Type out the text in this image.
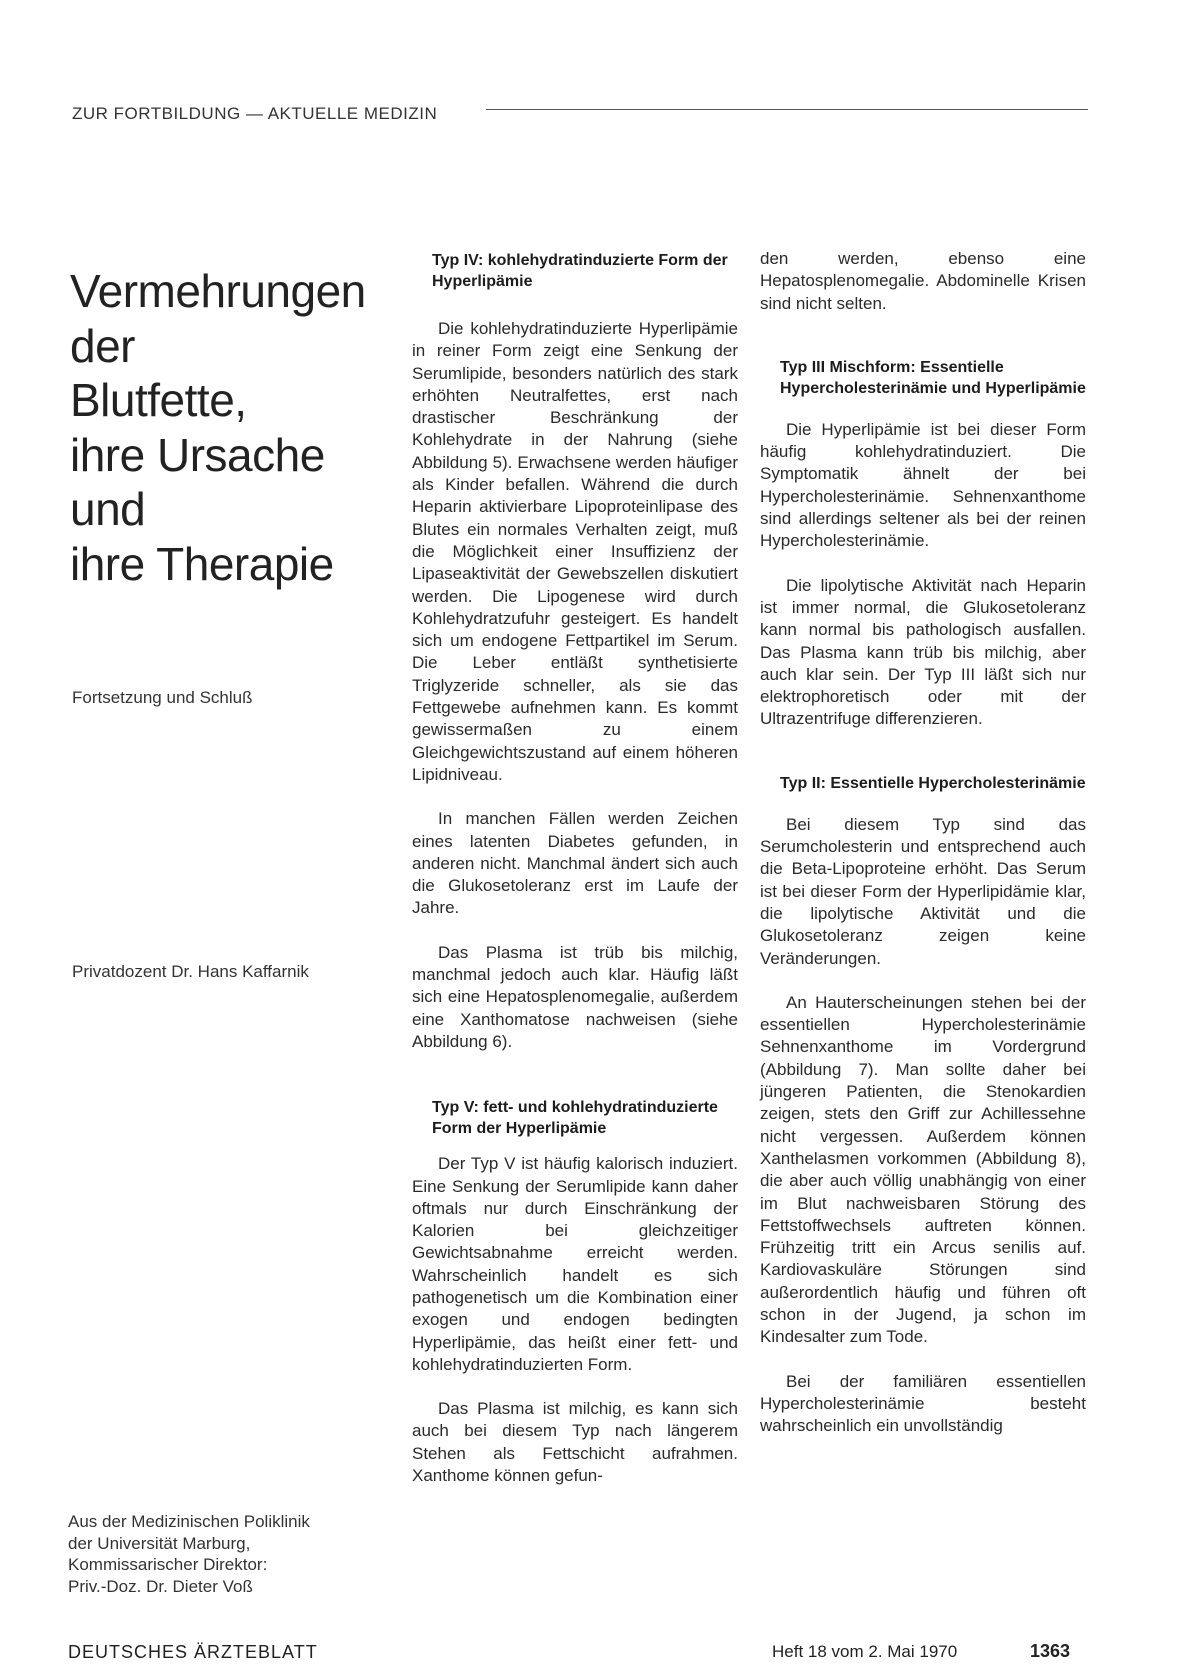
ZUR FORTBILDUNG — AKTUELLE MEDIZIN
Vermehrungen
der
Blutfette,
ihre Ursache
und
ihre Therapie
Fortsetzung und Schluß
Privatdozent Dr. Hans Kaffarnik
Aus der Medizinischen Poliklinik
der Universität Marburg,
Kommissarischer Direktor:
Priv.-Doz. Dr. Dieter Voß
Typ IV: kohlehydratinduzierte Form der Hyperlipämie

Die kohlehydratinduzierte Hyperlipämie in reiner Form zeigt eine Senkung der Serumlipide, besonders natürlich des stark erhöhten Neutralfettes, erst nach drastischer Beschränkung der Kohlehydrate in der Nahrung (siehe Abbildung 5). Erwachsene werden häufiger als Kinder befallen. Während die durch Heparin aktivierbare Lipoproteinlipase des Blutes ein normales Verhalten zeigt, muß die Möglichkeit einer Insuffizienz der Lipaseaktivität der Gewebszellen diskutiert werden. Die Lipogenese wird durch Kohlehydratzufuhr gesteigert. Es handelt sich um endogene Fettpartikel im Serum. Die Leber entläßt synthetisierte Triglyzeride schneller, als sie das Fettgewebe aufnehmen kann. Es kommt gewissermaßen zu einem Gleichgewichtszustand auf einem höheren Lipidniveau.

In manchen Fällen werden Zeichen eines latenten Diabetes gefunden, in anderen nicht. Manchmal ändert sich auch die Glukosetoleranz erst im Laufe der Jahre.

Das Plasma ist trüb bis milchig, manchmal jedoch auch klar. Häufig läßt sich eine Hepatosplenomegalie, außerdem eine Xanthomatose nachweisen (siehe Abbildung 6).

Typ V: fett- und kohlehydratinduzierte Form der Hyperlipämie

Der Typ V ist häufig kalorisch induziert. Eine Senkung der Serumlipide kann daher oftmals nur durch Einschränkung der Kalorien bei gleichzeitiger Gewichtsabnahme erreicht werden. Wahrscheinlich handelt es sich pathogenetisch um die Kombination einer exogen und endogen bedingten Hyperlipämie, das heißt einer fett- und kohlehydratinduzierten Form.

Das Plasma ist milchig, es kann sich auch bei diesem Typ nach längerem Stehen als Fettschicht aufrahmen. Xanthome können gefun-

den werden, ebenso eine Hepatosplenomegalie. Abdominelle Krisen sind nicht selten.

Typ III Mischform: Essentielle Hypercholesterinämie und Hyperlipämie

Die Hyperlipämie ist bei dieser Form häufig kohlehydratinduziert. Die Symptomatik ähnelt der bei Hypercholesterinämie. Sehnenxanthome sind allerdings seltener als bei der reinen Hypercholesterinämie.

Die lipolytische Aktivität nach Heparin ist immer normal, die Glukosetoleranz kann normal bis pathologisch ausfallen. Das Plasma kann trüb bis milchig, aber auch klar sein. Der Typ III läßt sich nur elektrophoretisch oder mit der Ultrazentrifuge differenzieren.

Typ II: Essentielle Hypercholesterinämie

Bei diesem Typ sind das Serumcholesterin und entsprechend auch die Beta-Lipoproteine erhöht. Das Serum ist bei dieser Form der Hyperlipidämie klar, die lipolytische Aktivität und die Glukosetoleranz zeigen keine Veränderungen.

An Hauterscheinungen stehen bei der essentiellen Hypercholesterinämie Sehnenxanthome im Vordergrund (Abbildung 7). Man sollte daher bei jüngeren Patienten, die Stenokardien zeigen, stets den Griff zur Achillessehne nicht vergessen. Außerdem können Xanthelasmen vorkommen (Abbildung 8), die aber auch völlig unabhängig von einer im Blut nachweisbaren Störung des Fettstoffwechsels auftreten können. Frühzeitig tritt ein Arcus senilis auf. Kardiovaskuläre Störungen sind außerordentlich häufig und führen oft schon in der Jugend, ja schon im Kindesalter zum Tode.

Bei der familiären essentiellen Hypercholesterinämie besteht wahrscheinlich ein unvollständig

DEUTSCHES ÄRZTEBLATT	Heft 18 vom 2. Mai 1970	1363
